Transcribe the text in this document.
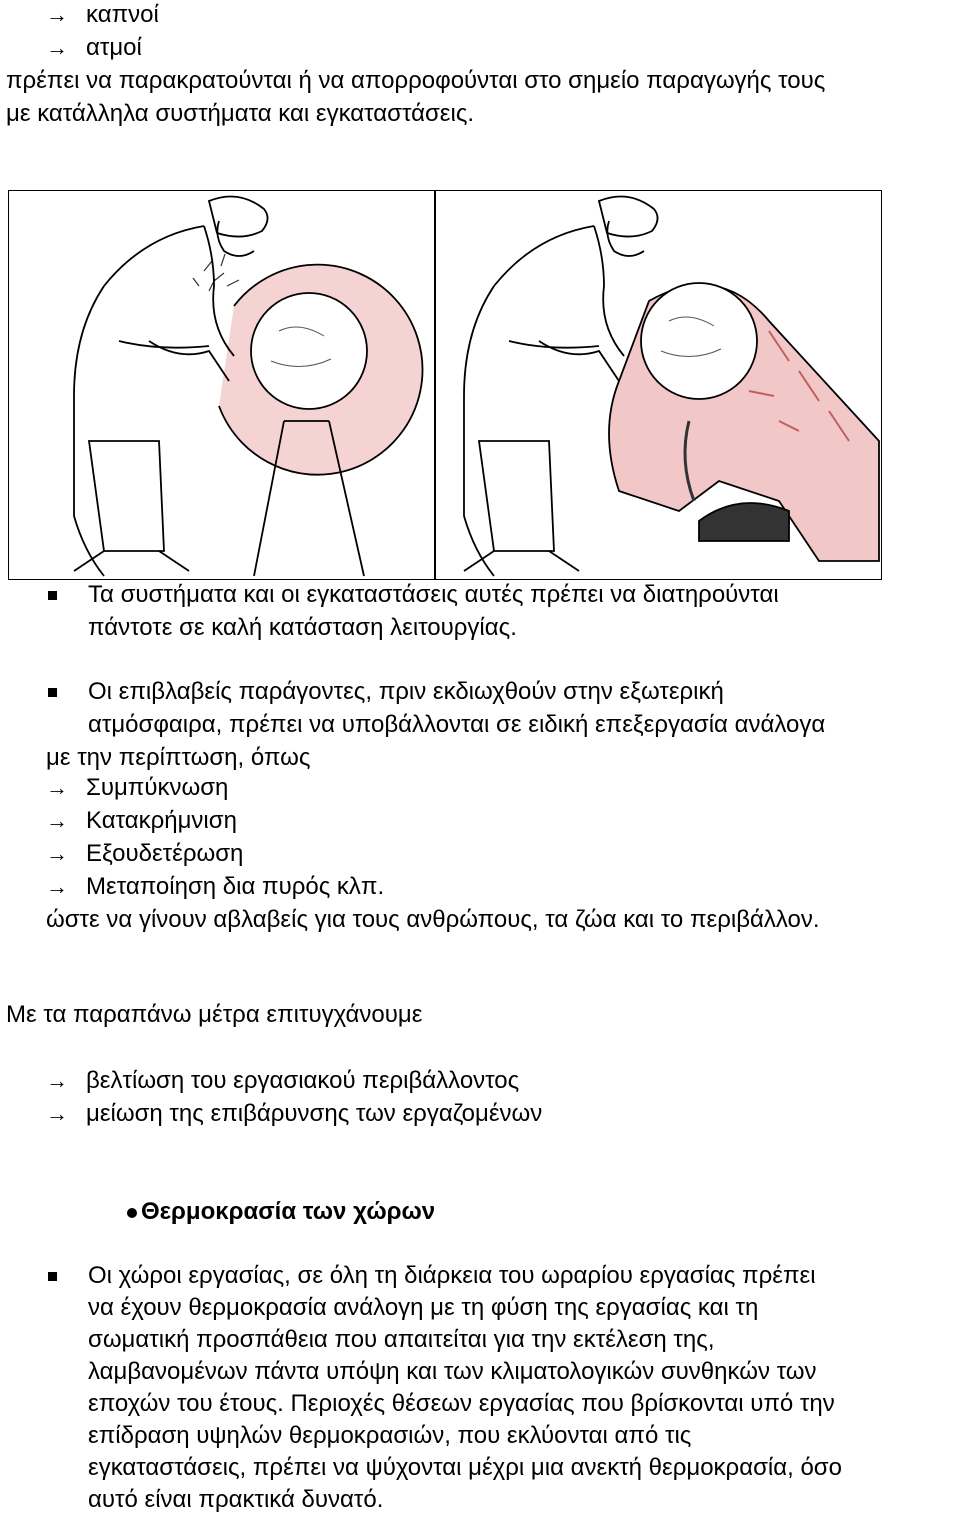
→ καπνοί
→ ατμοί
πρέπει να παρακρατούνται ή να απορροφούνται στο σημείο παραγωγής τους
με κατάλληλα συστήματα και εγκαταστάσεις.
Τα συστήματα και οι εγκαταστάσεις αυτές πρέπει να διατηρούνται
πάντοτε σε καλή κατάσταση λειτουργίας.
Οι επιβλαβείς παράγοντες, πριν εκδιωχθούν στην εξωτερική
ατμόσφαιρα, πρέπει να υποβάλλονται σε ειδική επεξεργασία ανάλογα
με την περίπτωση, όπως
→ Συμπύκνωση
→ Κατακρήμνιση
→ Εξουδετέρωση
→ Μεταποίηση δια πυρός κλπ.
ώστε να γίνουν αβλαβείς για τους ανθρώπους, τα ζώα και το περιβάλλον.
Με τα παραπάνω μέτρα επιτυγχάνουμε
→ βελτίωση του εργασιακού περιβάλλοντος
→ μείωση της επιβάρυνσης των εργαζομένων
Θερμοκρασία των χώρων
Οι χώροι εργασίας, σε όλη τη διάρκεια του ωραρίου εργασίας πρέπει
να έχουν θερμοκρασία ανάλογη με τη φύση της εργασίας και τη
σωματική προσπάθεια που απαιτείται για την εκτέλεση της,
λαμβανομένων πάντα υπόψη και των κλιματολογικών συνθηκών των
εποχών του έτους. Περιοχές θέσεων εργασίας που βρίσκονται υπό την
επίδραση υψηλών θερμοκρασιών, που εκλύονται από τις
εγκαταστάσεις, πρέπει να ψύχονται μέχρι μια ανεκτή θερμοκρασία, όσο
αυτό είναι πρακτικά δυνατό.
